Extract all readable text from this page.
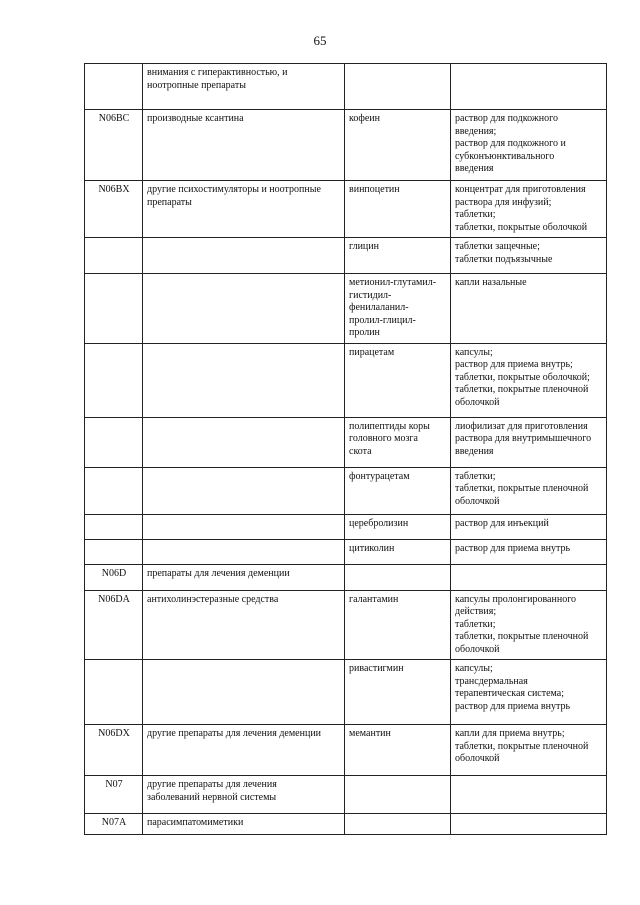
65

	внимания с гиперактивностью, и
ноотропные препараты		

N06BC	производные ксантина	кофеин	раствор для подкожного
введения;
раствор для подкожного и
субконъюнктивального
введения

N06BX	другие психостимуляторы и ноотропные
препараты	винпоцетин	концентрат для приготовления
раствора для инфузий;
таблетки;
таблетки, покрытые оболочкой

		глицин	таблетки защечные;
таблетки подъязычные

		метионил-глутамил-
гистидил-
фенилаланил-
пролил-глицил-
пролин	капли назальные

		пирацетам	капсулы;
раствор для приема внутрь;
таблетки, покрытые оболочкой;
таблетки, покрытые пленочной
оболочкой

		полипептиды коры
головного мозга
скота	лиофилизат для приготовления
раствора для внутримышечного
введения

		фонтурацетам	таблетки;
таблетки, покрытые пленочной
оболочкой

		церебролизин	раствор для инъекций

		цитиколин	раствор для приема внутрь

N06D	препараты для лечения деменции		

N06DA	антихолинэстеразные средства	галантамин	капсулы пролонгированного
действия;
таблетки;
таблетки, покрытые пленочной
оболочкой

		ривастигмин	капсулы;
трансдермальная
терапевтическая система;
раствор для приема внутрь

N06DX	другие препараты для лечения деменции	мемантин	капли для приема внутрь;
таблетки, покрытые пленочной
оболочкой

N07	другие препараты для лечения
заболеваний нервной системы		

N07A	парасимпатомиметики		
